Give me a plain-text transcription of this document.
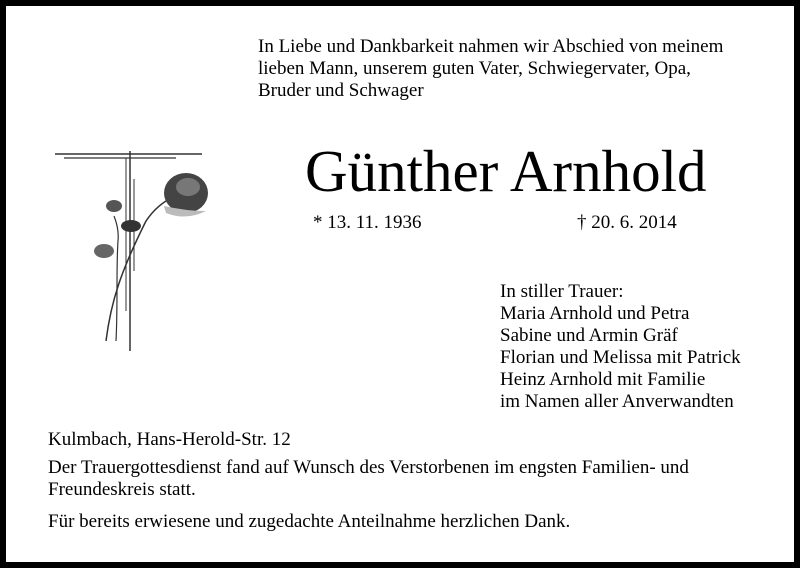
In Liebe und Dankbarkeit nahmen wir Abschied von meinem
lieben Mann, unserem guten Vater, Schwiegervater, Opa,
Bruder und Schwager
Günther Arnhold
* 13. 11. 1936	† 20. 6. 2014
In stiller Trauer:
Maria Arnhold und Petra
Sabine und Armin Gräf
Florian und Melissa mit Patrick
Heinz Arnhold mit Familie
im Namen aller Anverwandten
Kulmbach, Hans-Herold-Str. 12
Der Trauergottesdienst fand auf Wunsch des Verstorbenen im engsten Familien- und
Freundeskreis statt.
Für bereits erwiesene und zugedachte Anteilnahme herzlichen Dank.
